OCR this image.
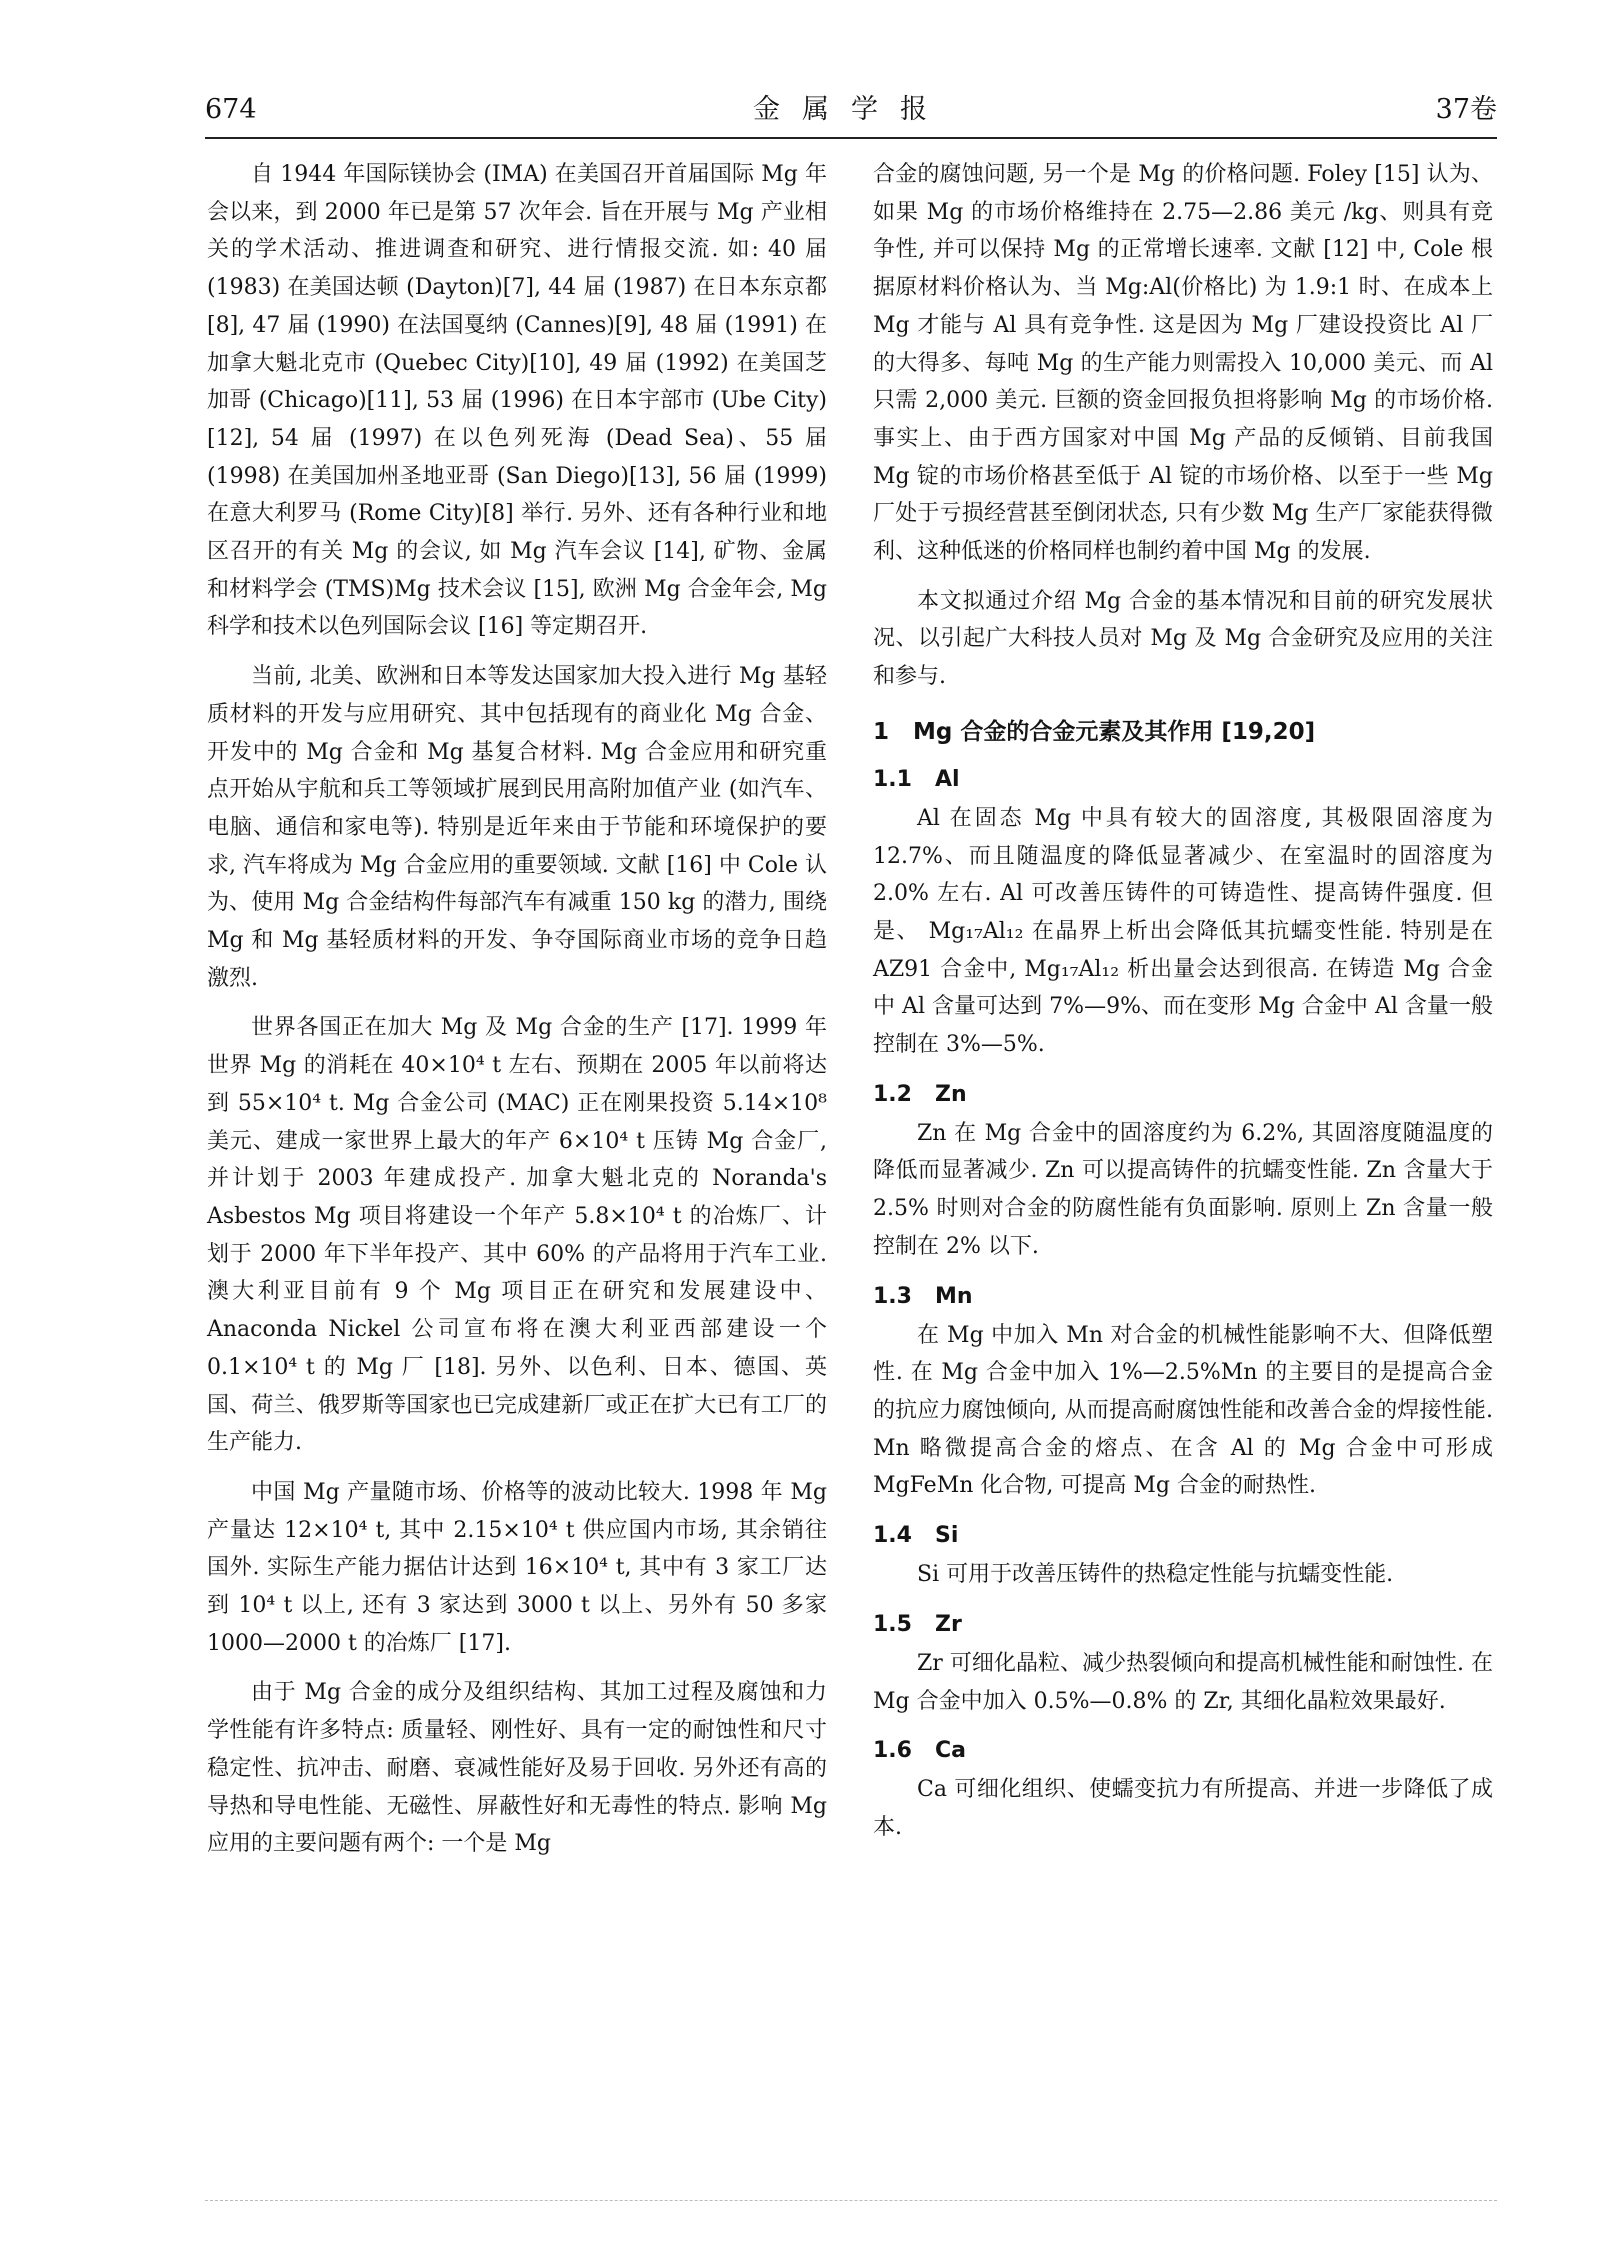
674	金属学报	37卷

自 1944 年国际镁协会 (IMA) 在美国召开首届国际 Mg 年会以来，到 2000 年已是第 57 次年会. 旨在开展与 Mg 产业相关的学术活动、推进调查和研究、进行情报交流. 如: 40 届 (1983) 在美国达顿 (Dayton)[7], 44 届 (1987) 在日本东京都 [8], 47 届 (1990) 在法国戛纳 (Cannes)[9], 48 届 (1991) 在加拿大魁北克市 (Quebec City)[10], 49 届 (1992) 在美国芝加哥 (Chicago)[11], 53 届 (1996) 在日本宇部市 (Ube City)[12], 54 届 (1997) 在以色列死海 (Dead Sea)、55 届 (1998) 在美国加州圣地亚哥 (San Diego)[13], 56 届 (1999) 在意大利罗马 (Rome City)[8] 举行. 另外、还有各种行业和地区召开的有关 Mg 的会议, 如 Mg 汽车会议 [14], 矿物、金属和材料学会 (TMS)Mg 技术会议 [15], 欧洲 Mg 合金年会, Mg 科学和技术以色列国际会议 [16] 等定期召开.

当前, 北美、欧洲和日本等发达国家加大投入进行 Mg 基轻质材料的开发与应用研究、其中包括现有的商业化 Mg 合金、开发中的 Mg 合金和 Mg 基复合材料. Mg 合金应用和研究重点开始从宇航和兵工等领域扩展到民用高附加值产业 (如汽车、电脑、通信和家电等). 特别是近年来由于节能和环境保护的要求, 汽车将成为 Mg 合金应用的重要领域. 文献 [16] 中 Cole 认为、使用 Mg 合金结构件每部汽车有减重 150 kg 的潜力, 围绕 Mg 和 Mg 基轻质材料的开发、争夺国际商业市场的竞争日趋激烈.

世界各国正在加大 Mg 及 Mg 合金的生产 [17]. 1999 年世界 Mg 的消耗在 40×10⁴ t 左右、预期在 2005 年以前将达到 55×10⁴ t. Mg 合金公司 (MAC) 正在刚果投资 5.14×10⁸ 美元、建成一家世界上最大的年产 6×10⁴ t 压铸 Mg 合金厂, 并计划于 2003 年建成投产. 加拿大魁北克的 Noranda's Asbestos Mg 项目将建设一个年产 5.8×10⁴ t 的冶炼厂、计划于 2000 年下半年投产、其中 60% 的产品将用于汽车工业. 澳大利亚目前有 9 个 Mg 项目正在研究和发展建设中、 Anaconda Nickel 公司宣布将在澳大利亚西部建设一个 0.1×10⁴ t 的 Mg 厂 [18]. 另外、以色利、日本、德国、英国、荷兰、俄罗斯等国家也已完成建新厂或正在扩大已有工厂的生产能力.

中国 Mg 产量随市场、价格等的波动比较大. 1998 年 Mg 产量达 12×10⁴ t, 其中 2.15×10⁴ t 供应国内市场, 其余销往国外. 实际生产能力据估计达到 16×10⁴ t, 其中有 3 家工厂达到 10⁴ t 以上, 还有 3 家达到 3000 t 以上、另外有 50 多家 1000—2000 t 的冶炼厂 [17].

由于 Mg 合金的成分及组织结构、其加工过程及腐蚀和力学性能有许多特点: 质量轻、刚性好、具有一定的耐蚀性和尺寸稳定性、抗冲击、耐磨、衰减性能好及易于回收. 另外还有高的导热和导电性能、无磁性、屏蔽性好和无毒性的特点. 影响 Mg 应用的主要问题有两个: 一个是 Mg

合金的腐蚀问题, 另一个是 Mg 的价格问题. Foley [15] 认为、如果 Mg 的市场价格维持在 2.75—2.86 美元 /kg、则具有竞争性, 并可以保持 Mg 的正常增长速率. 文献 [12] 中, Cole 根据原材料价格认为、当 Mg:Al(价格比) 为 1.9:1 时、在成本上 Mg 才能与 Al 具有竞争性. 这是因为 Mg 厂建设投资比 Al 厂的大得多、每吨 Mg 的生产能力则需投入 10,000 美元、而 Al 只需 2,000 美元. 巨额的资金回报负担将影响 Mg 的市场价格. 事实上、由于西方国家对中国 Mg 产品的反倾销、目前我国 Mg 锭的市场价格甚至低于 Al 锭的市场价格、以至于一些 Mg 厂处于亏损经营甚至倒闭状态, 只有少数 Mg 生产厂家能获得微利、这种低迷的价格同样也制约着中国 Mg 的发展.

本文拟通过介绍 Mg 合金的基本情况和目前的研究发展状况、以引起广大科技人员对 Mg 及 Mg 合金研究及应用的关注和参与.

1 Mg 合金的合金元素及其作用 [19,20]
1.1 Al

Al 在固态 Mg 中具有较大的固溶度, 其极限固溶度为 12.7%、而且随温度的降低显著减少、在室温时的固溶度为 2.0% 左右. Al 可改善压铸件的可铸造性、提高铸件强度. 但是、 Mg₁₇Al₁₂ 在晶界上析出会降低其抗蠕变性能. 特别是在 AZ91 合金中, Mg₁₇Al₁₂ 析出量会达到很高. 在铸造 Mg 合金中 Al 含量可达到 7%—9%、而在变形 Mg 合金中 Al 含量一般控制在 3%—5%.

1.2 Zn

Zn 在 Mg 合金中的固溶度约为 6.2%, 其固溶度随温度的降低而显著减少. Zn 可以提高铸件的抗蠕变性能. Zn 含量大于 2.5% 时则对合金的防腐性能有负面影响. 原则上 Zn 含量一般控制在 2% 以下.

1.3 Mn

在 Mg 中加入 Mn 对合金的机械性能影响不大、但降低塑性. 在 Mg 合金中加入 1%—2.5%Mn 的主要目的是提高合金的抗应力腐蚀倾向, 从而提高耐腐蚀性能和改善合金的焊接性能. Mn 略微提高合金的熔点、在含 Al 的 Mg 合金中可形成 MgFeMn 化合物, 可提高 Mg 合金的耐热性.

1.4 Si

Si 可用于改善压铸件的热稳定性能与抗蠕变性能.

1.5 Zr

Zr 可细化晶粒、减少热裂倾向和提高机械性能和耐蚀性. 在 Mg 合金中加入 0.5%—0.8% 的 Zr, 其细化晶粒效果最好.

1.6 Ca

Ca 可细化组织、使蠕变抗力有所提高、并进一步降低了成本.
